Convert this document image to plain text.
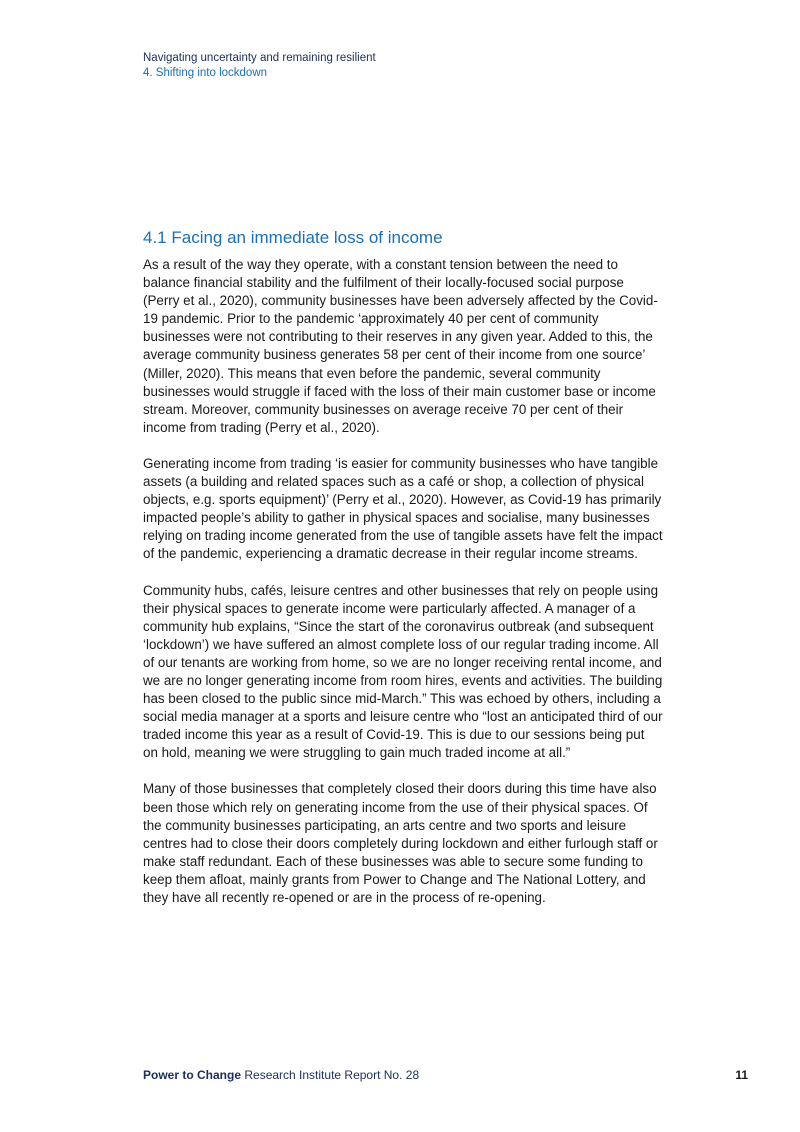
Navigating uncertainty and remaining resilient
4. Shifting into lockdown
4.1 Facing an immediate loss of income

As a result of the way they operate, with a constant tension between the need to balance financial stability and the fulfilment of their locally-focused social purpose (Perry et al., 2020), community businesses have been adversely affected by the Covid-19 pandemic. Prior to the pandemic ‘approximately 40 per cent of community businesses were not contributing to their reserves in any given year. Added to this, the average community business generates 58 per cent of their income from one source’ (Miller, 2020). This means that even before the pandemic, several community businesses would struggle if faced with the loss of their main customer base or income stream. Moreover, community businesses on average receive 70 per cent of their income from trading (Perry et al., 2020).

Generating income from trading ‘is easier for community businesses who have tangible assets (a building and related spaces such as a café or shop, a collection of physical objects, e.g. sports equipment)’ (Perry et al., 2020). However, as Covid-19 has primarily impacted people’s ability to gather in physical spaces and socialise, many businesses relying on trading income generated from the use of tangible assets have felt the impact of the pandemic, experiencing a dramatic decrease in their regular income streams.

Community hubs, cafés, leisure centres and other businesses that rely on people using their physical spaces to generate income were particularly affected. A manager of a community hub explains, “Since the start of the coronavirus outbreak (and subsequent ‘lockdown’) we have suffered an almost complete loss of our regular trading income. All of our tenants are working from home, so we are no longer receiving rental income, and we are no longer generating income from room hires, events and activities. The building has been closed to the public since mid-March.” This was echoed by others, including a social media manager at a sports and leisure centre who “lost an anticipated third of our traded income this year as a result of Covid-19. This is due to our sessions being put on hold, meaning we were struggling to gain much traded income at all.”

Many of those businesses that completely closed their doors during this time have also been those which rely on generating income from the use of their physical spaces. Of the community businesses participating, an arts centre and two sports and leisure centres had to close their doors completely during lockdown and either furlough staff or make staff redundant. Each of these businesses was able to secure some funding to keep them afloat, mainly grants from Power to Change and The National Lottery, and they have all recently re-opened or are in the process of re-opening.

Power to Change Research Institute Report No. 28	11
